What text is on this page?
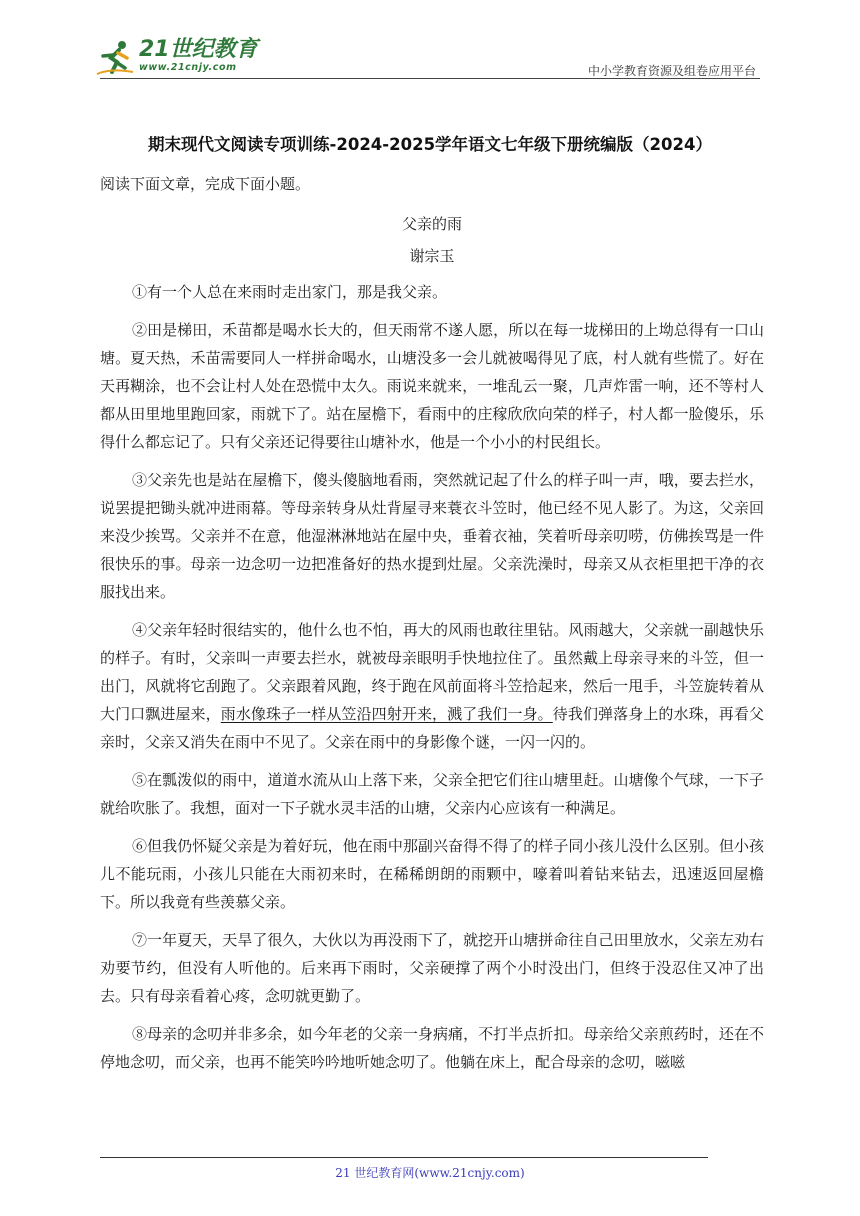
21世纪教育
www.21cnjy.com	中小学教育资源及组卷应用平台
期末现代文阅读专项训练-2024-2025学年语文七年级下册统编版（2024）

阅读下面文章，完成下面小题。

父亲的雨

谢宗玉

①有一个人总在来雨时走出家门，那是我父亲。

②田是梯田，禾苗都是喝水长大的，但天雨常不遂人愿，所以在每一垅梯田的上坳总得有一口山塘。夏天热，禾苗需要同人一样拼命喝水，山塘没多一会儿就被喝得见了底，村人就有些慌了。好在天再糊涂，也不会让村人处在恐慌中太久。雨说来就来，一堆乱云一聚，几声炸雷一响，还不等村人都从田里地里跑回家，雨就下了。站在屋檐下，看雨中的庄稼欣欣向荣的样子，村人都一脸傻乐，乐得什么都忘记了。只有父亲还记得要往山塘补水，他是一个小小的村民组长。

③父亲先也是站在屋檐下，傻头傻脑地看雨，突然就记起了什么的样子叫一声，哦，要去拦水，说罢提把锄头就冲进雨幕。等母亲转身从灶背屋寻来蓑衣斗笠时，他已经不见人影了。为这，父亲回来没少挨骂。父亲并不在意，他湿淋淋地站在屋中央，垂着衣袖，笑着听母亲叨唠，仿佛挨骂是一件很快乐的事。母亲一边念叨一边把准备好的热水提到灶屋。父亲洗澡时，母亲又从衣柜里把干净的衣服找出来。

④父亲年轻时很结实的，他什么也不怕，再大的风雨也敢往里钻。风雨越大，父亲就一副越快乐的样子。有时，父亲叫一声要去拦水，就被母亲眼明手快地拉住了。虽然戴上母亲寻来的斗笠，但一出门，风就将它刮跑了。父亲跟着风跑，终于跑在风前面将斗笠拾起来，然后一甩手，斗笠旋转着从大门口飘进屋来，雨水像珠子一样从笠沿四射开来，溅了我们一身。待我们弹落身上的水珠，再看父亲时，父亲又消失在雨中不见了。父亲在雨中的身影像个谜，一闪一闪的。

⑤在瓢泼似的雨中，道道水流从山上落下来，父亲全把它们往山塘里赶。山塘像个气球，一下子就给吹胀了。我想，面对一下子就水灵丰活的山塘，父亲内心应该有一种满足。

⑥但我仍怀疑父亲是为着好玩，他在雨中那副兴奋得不得了的样子同小孩儿没什么区别。但小孩儿不能玩雨，小孩儿只能在大雨初来时，在稀稀朗朗的雨颗中，嚎着叫着钻来钻去，迅速返回屋檐下。所以我竟有些羡慕父亲。

⑦一年夏天，天旱了很久，大伙以为再没雨下了，就挖开山塘拼命往自己田里放水，父亲左劝右劝要节约，但没有人听他的。后来再下雨时，父亲硬撑了两个小时没出门，但终于没忍住又冲了出去。只有母亲看着心疼，念叨就更勤了。

⑧母亲的念叨并非多余，如今年老的父亲一身病痛，不打半点折扣。母亲给父亲煎药时，还在不停地念叨，而父亲，也再不能笑吟吟地听她念叨了。他躺在床上，配合母亲的念叨，嗞嗞

21 世纪教育网(www.21cnjy.com)
